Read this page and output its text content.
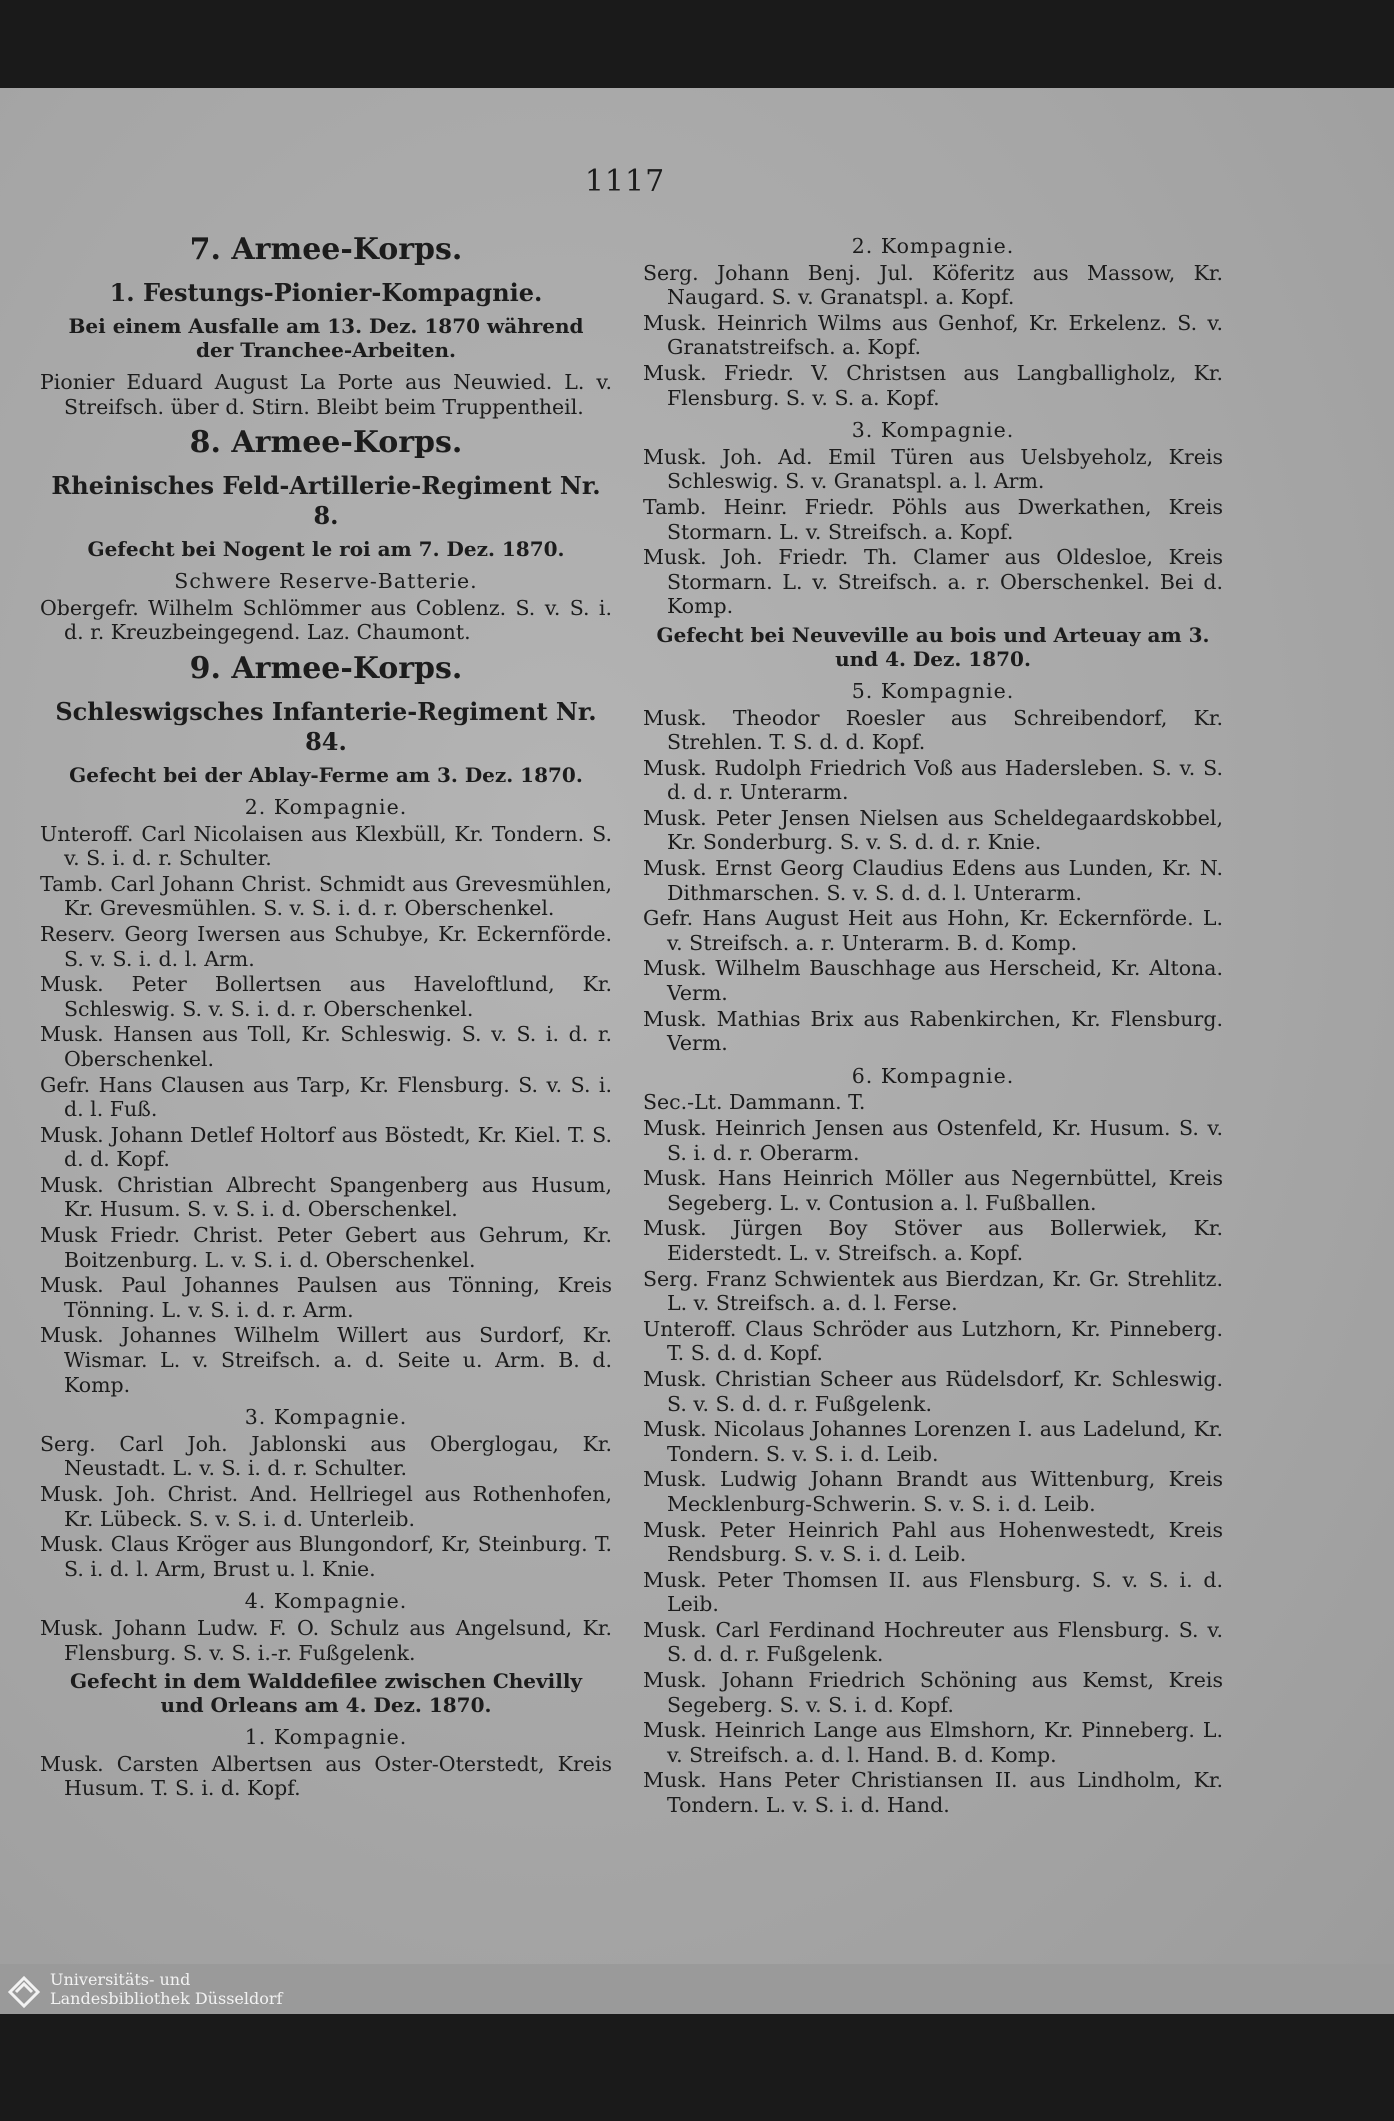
1117
7. Armee-Korps.
1. Festungs-Pionier-Kompagnie.
Bei einem Ausfalle am 13. Dez. 1870 während der Tranchee-Arbeiten.
Pionier Eduard August La Porte aus Neuwied. L. v. Streifsch. über d. Stirn. Bleibt beim Truppentheil.
8. Armee-Korps.
Rheinisches Feld-Artillerie-Regiment Nr. 8.
Gefecht bei Nogent le roi am 7. Dez. 1870.
Schwere Reserve-Batterie.
Obergefr. Wilhelm Schlömmer aus Coblenz. S. v. S. i. d. r. Kreuzbeingegend. Laz. Chaumont.
9. Armee-Korps.
Schleswigsches Infanterie-Regiment Nr. 84.
Gefecht bei der Ablay-Ferme am 3. Dez. 1870.
2. Kompagnie.
Unteroff. Carl Nicolaisen aus Klexbüll, Kr. Tondern. S. v. S. i. d. r. Schulter.
Tamb. Carl Johann Christ. Schmidt aus Grevesmühlen, Kr. Grevesmühlen. S. v. S. i. d. r. Oberschenkel.
Reserv. Georg Iwersen aus Schubye, Kr. Eckernförde. S. v. S. i. d. l. Arm.
Musk. Peter Bollertsen aus Haveloftlund, Kr. Schleswig. S. v. S. i. d. r. Oberschenkel.
Musk. Hansen aus Toll, Kr. Schleswig. S. v. S. i. d. r. Oberschenkel.
Gefr. Hans Clausen aus Tarp, Kr. Flensburg. S. v. S. i. d. l. Fuß.
Musk. Johann Detlef Holtorf aus Böstedt, Kr. Kiel. T. S. d. d. Kopf.
Musk. Christian Albrecht Spangenberg aus Husum, Kr. Husum. S. v. S. i. d. Oberschenkel.
Musk Friedr. Christ. Peter Gebert aus Gehrum, Kr. Boitzenburg. L. v. S. i. d. Oberschenkel.
Musk. Paul Johannes Paulsen aus Tönning, Kreis Tönning. L. v. S. i. d. r. Arm.
Musk. Johannes Wilhelm Willert aus Surdorf, Kr. Wismar. L. v. Streifsch. a. d. Seite u. Arm. B. d. Komp.
3. Kompagnie.
Serg. Carl Joh. Jablonski aus Oberglogau, Kr. Neustadt. L. v. S. i. d. r. Schulter.
Musk. Joh. Christ. And. Hellriegel aus Rothenhofen, Kr. Lübeck. S. v. S. i. d. Unterleib.
Musk. Claus Kröger aus Blungondorf, Kr, Steinburg. T. S. i. d. l. Arm, Brust u. l. Knie.
4. Kompagnie.
Musk. Johann Ludw. F. O. Schulz aus Angelsund, Kr. Flensburg. S. v. S. i.-r. Fußgelenk.
Gefecht in dem Walddefilee zwischen Chevilly und Orleans am 4. Dez. 1870.
1. Kompagnie.
Musk. Carsten Albertsen aus Oster-Oterstedt, Kreis Husum. T. S. i. d. Kopf.
2. Kompagnie.
Serg. Johann Benj. Jul. Köferitz aus Massow, Kr. Naugard. S. v. Granatspl. a. Kopf.
Musk. Heinrich Wilms aus Genhof, Kr. Erkelenz. S. v. Granatstreifsch. a. Kopf.
Musk. Friedr. V. Christsen aus Langballigholz, Kr. Flensburg. S. v. S. a. Kopf.
3. Kompagnie.
Musk. Joh. Ad. Emil Türen aus Uelsbyeholz, Kreis Schleswig. S. v. Granatspl. a. l. Arm.
Tamb. Heinr. Friedr. Pöhls aus Dwerkathen, Kreis Stormarn. L. v. Streifsch. a. Kopf.
Musk. Joh. Friedr. Th. Clamer aus Oldesloe, Kreis Stormarn. L. v. Streifsch. a. r. Oberschenkel. Bei d. Komp.
Gefecht bei Neuveville au bois und Arteuay am 3. und 4. Dez. 1870.
5. Kompagnie.
Musk. Theodor Roesler aus Schreibendorf, Kr. Strehlen. T. S. d. d. Kopf.
Musk. Rudolph Friedrich Voß aus Hadersleben. S. v. S. d. d. r. Unterarm.
Musk. Peter Jensen Nielsen aus Scheldegaardskobbel, Kr. Sonderburg. S. v. S. d. d. r. Knie.
Musk. Ernst Georg Claudius Edens aus Lunden, Kr. N. Dithmarschen. S. v. S. d. d. l. Unterarm.
Gefr. Hans August Heit aus Hohn, Kr. Eckernförde. L. v. Streifsch. a. r. Unterarm. B. d. Komp.
Musk. Wilhelm Bauschhage aus Herscheid, Kr. Altona. Verm.
Musk. Mathias Brix aus Rabenkirchen, Kr. Flensburg. Verm.
6. Kompagnie.
Sec.-Lt. Dammann. T.
Musk. Heinrich Jensen aus Ostenfeld, Kr. Husum. S. v. S. i. d. r. Oberarm.
Musk. Hans Heinrich Möller aus Negernbüttel, Kreis Segeberg. L. v. Contusion a. l. Fußballen.
Musk. Jürgen Boy Stöver aus Bollerwiek, Kr. Eiderstedt. L. v. Streifsch. a. Kopf.
Serg. Franz Schwientek aus Bierdzan, Kr. Gr. Strehlitz. L. v. Streifsch. a. d. l. Ferse.
Unteroff. Claus Schröder aus Lutzhorn, Kr. Pinneberg. T. S. d. d. Kopf.
Musk. Christian Scheer aus Rüdelsdorf, Kr. Schleswig. S. v. S. d. d. r. Fußgelenk.
Musk. Nicolaus Johannes Lorenzen I. aus Ladelund, Kr. Tondern. S. v. S. i. d. Leib.
Musk. Ludwig Johann Brandt aus Wittenburg, Kreis Mecklenburg-Schwerin. S. v. S. i. d. Leib.
Musk. Peter Heinrich Pahl aus Hohenwestedt, Kreis Rendsburg. S. v. S. i. d. Leib.
Musk. Peter Thomsen II. aus Flensburg. S. v. S. i. d. Leib.
Musk. Carl Ferdinand Hochreuter aus Flensburg. S. v. S. d. d. r. Fußgelenk.
Musk. Johann Friedrich Schöning aus Kemst, Kreis Segeberg. S. v. S. i. d. Kopf.
Musk. Heinrich Lange aus Elmshorn, Kr. Pinneberg. L. v. Streifsch. a. d. l. Hand. B. d. Komp.
Musk. Hans Peter Christiansen II. aus Lindholm, Kr. Tondern. L. v. S. i. d. Hand.
Universitäts- und
Landesbibliothek Düsseldorf
